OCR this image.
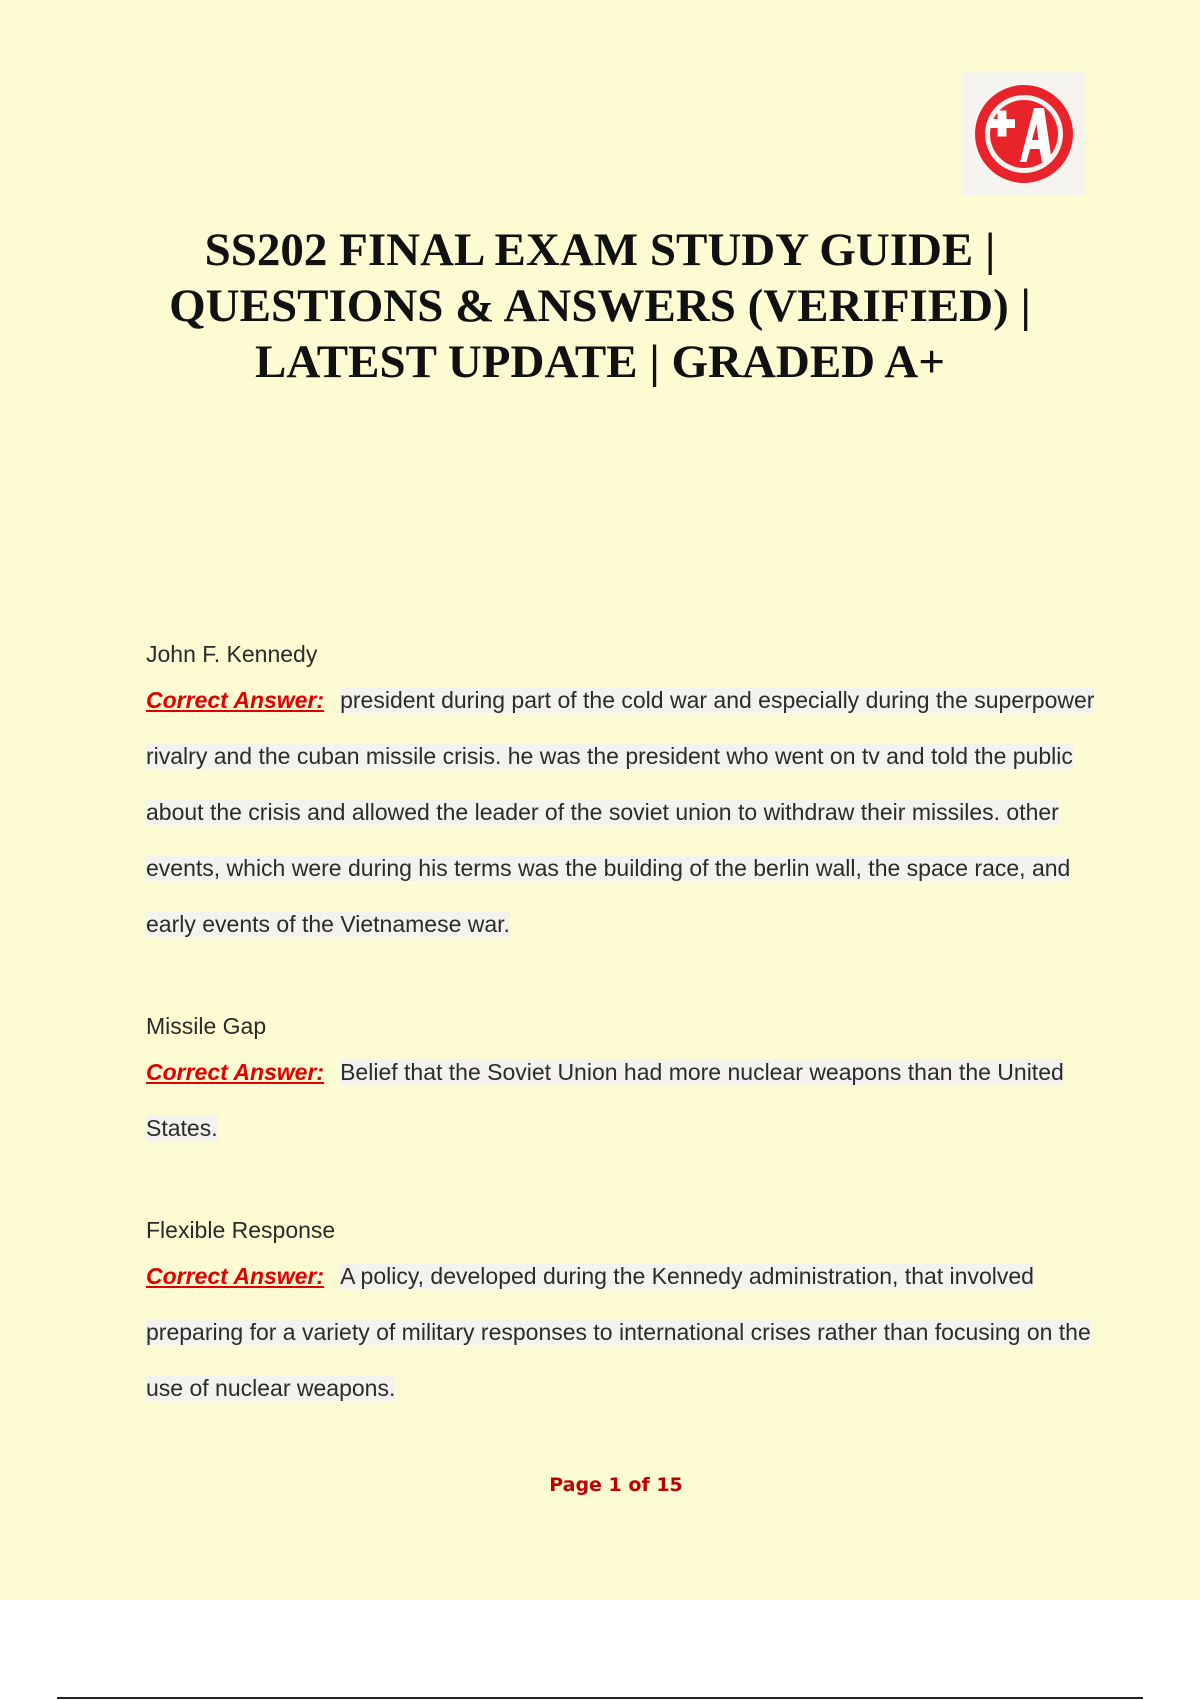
SS202 FINAL EXAM STUDY GUIDE |
QUESTIONS & ANSWERS (VERIFIED) |
LATEST UPDATE | GRADED A+

John F. Kennedy

Correct Answer: president during part of the cold war and especially during the superpower rivalry and the cuban missile crisis. he was the president who went on tv and told the public about the crisis and allowed the leader of the soviet union to withdraw their missiles. other events, which were during his terms was the building of the berlin wall, the space race, and early events of the Vietnamese war.

Missile Gap

Correct Answer: Belief that the Soviet Union had more nuclear weapons than the United States.

Flexible Response

Correct Answer: A policy, developed during the Kennedy administration, that involved preparing for a variety of military responses to international crises rather than focusing on the use of nuclear weapons.

Page 1 of 15
